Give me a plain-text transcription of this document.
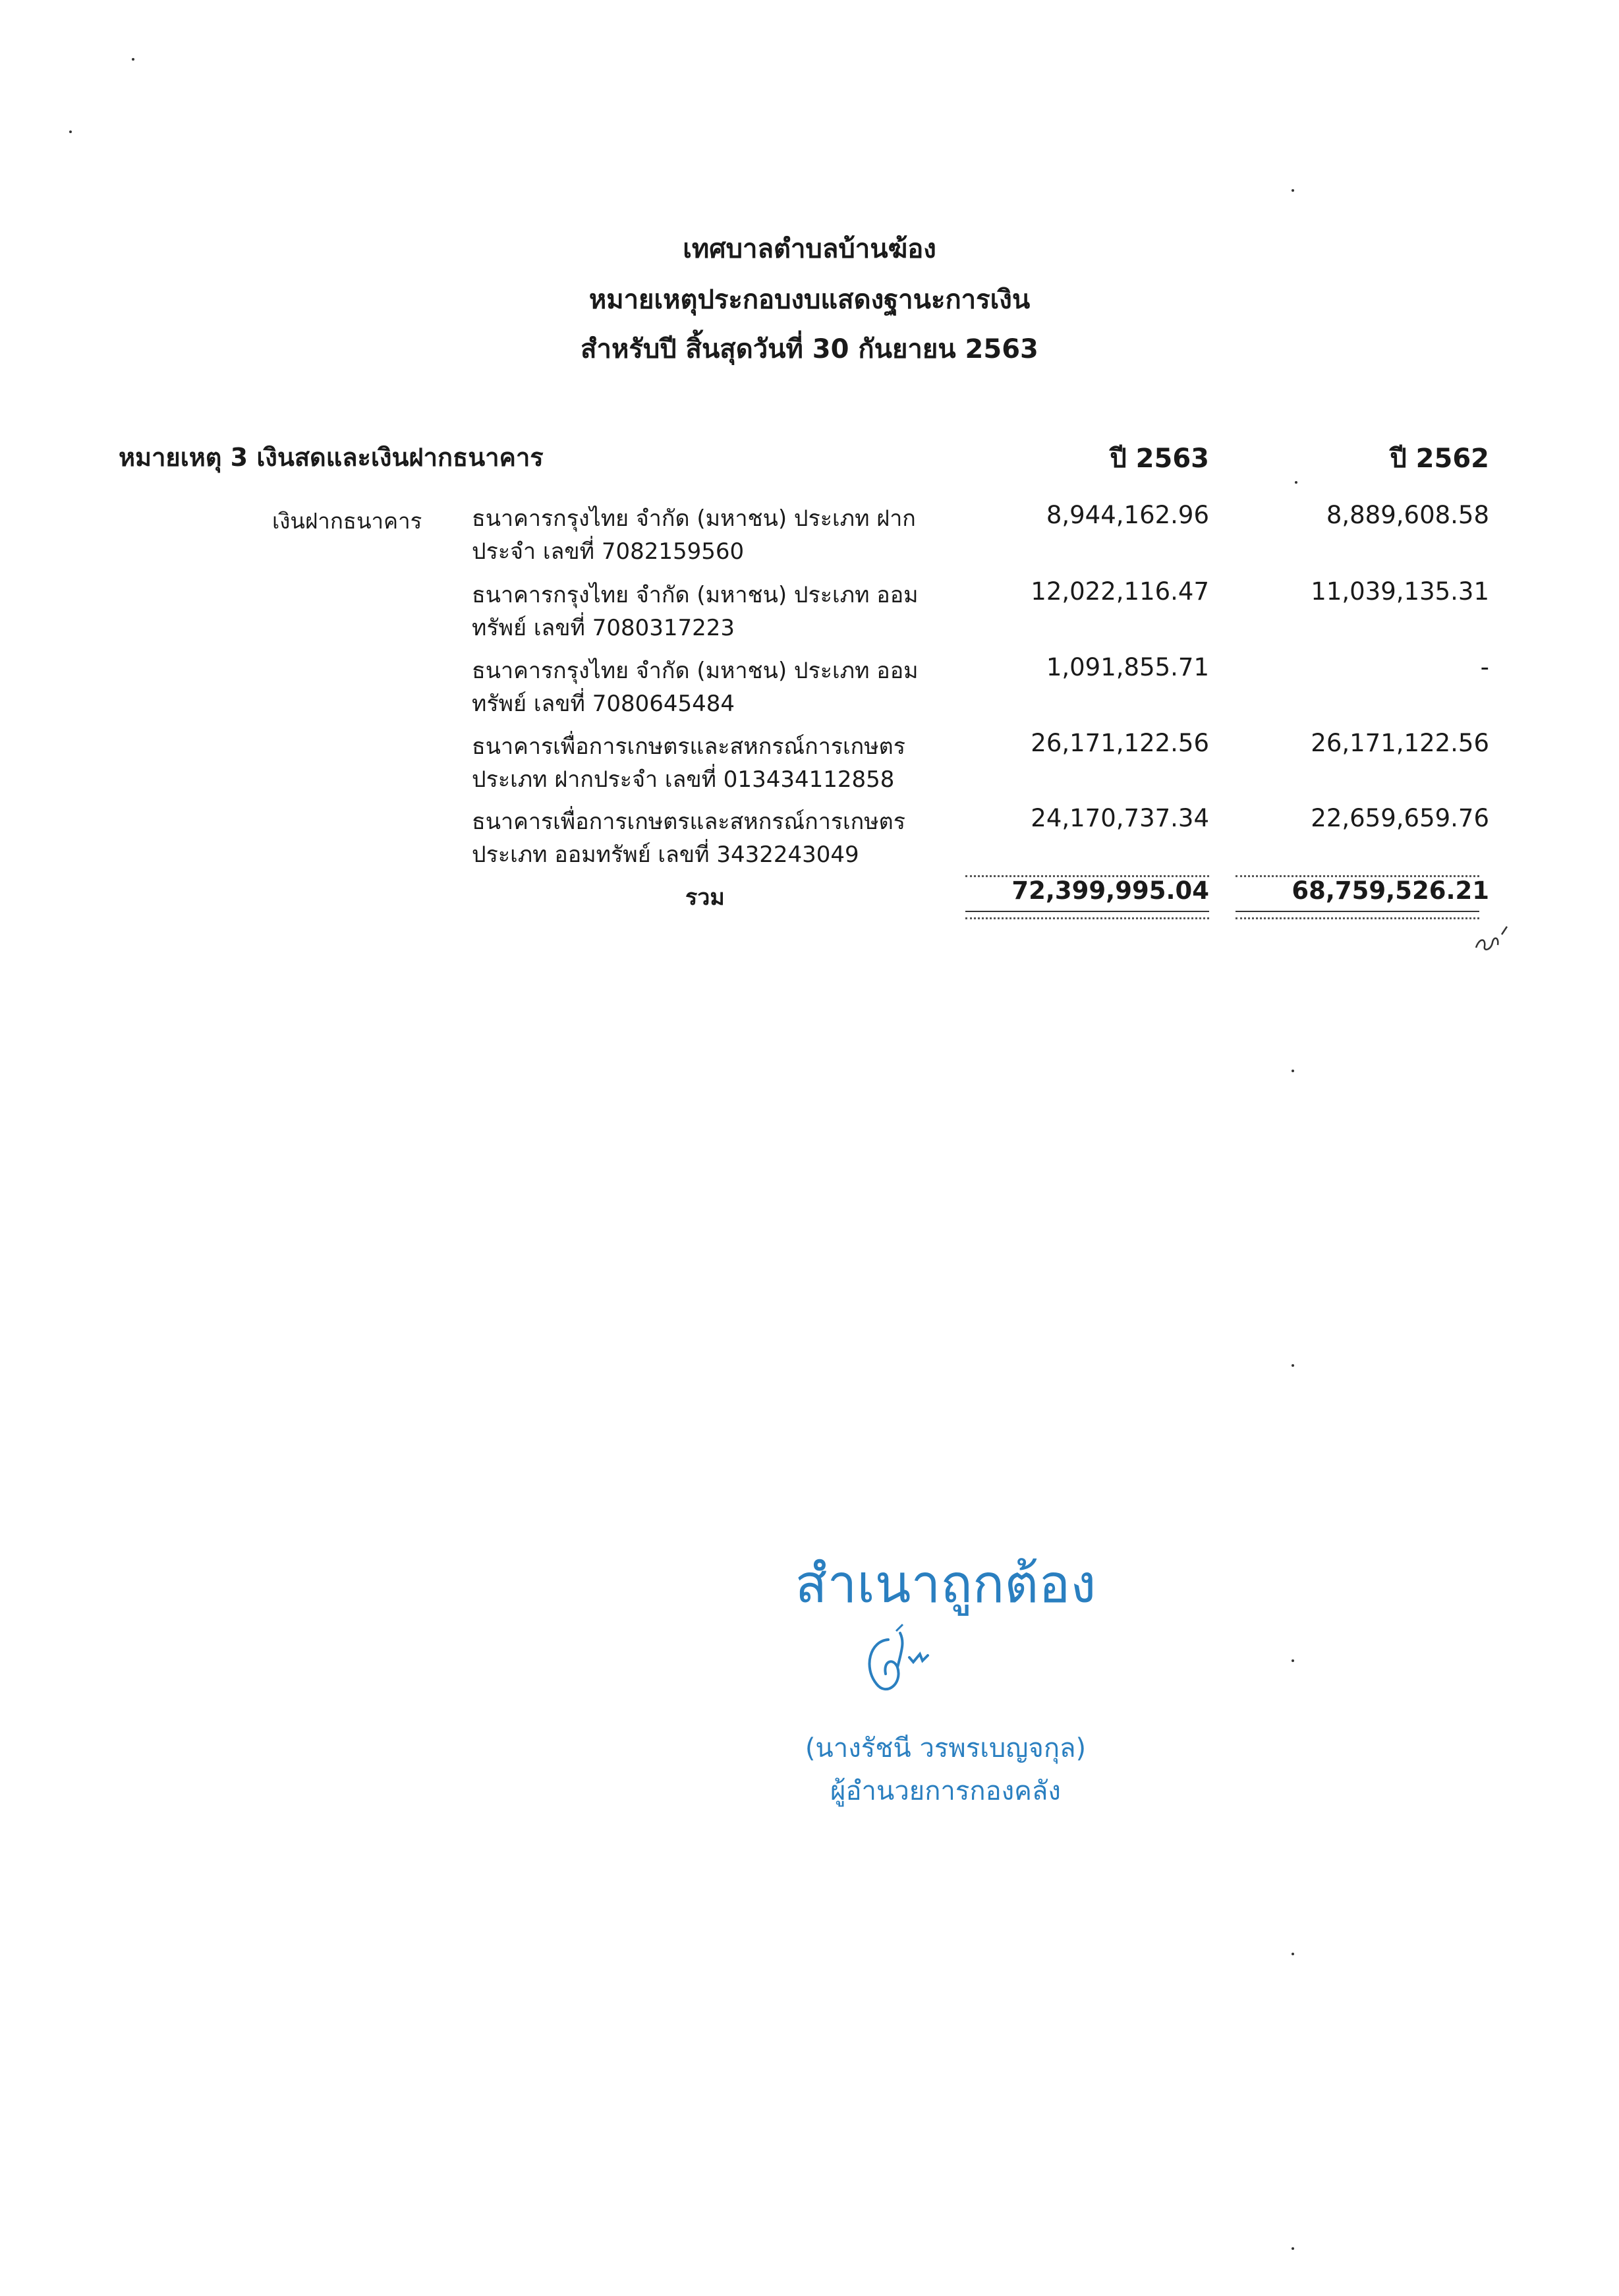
เทศบาลตำบลบ้านฆ้อง
หมายเหตุประกอบงบแสดงฐานะการเงิน
สำหรับปี สิ้นสุดวันที่ 30 กันยายน 2563
หมายเหตุ 3 เงินสดและเงินฝากธนาคาร	ปี 2563	ปี 2562
เงินฝากธนาคาร ธนาคารกรุงไทย จำกัด (มหาชน) ประเภท ฝาก
ประจำ เลขที่ 7082159560
8,944,162.96	8,889,608.58
ธนาคารกรุงไทย จำกัด (มหาชน) ประเภท ออม
ทรัพย์ เลขที่ 7080317223
12,022,116.47	11,039,135.31
ธนาคารกรุงไทย จำกัด (มหาชน) ประเภท ออม
ทรัพย์ เลขที่ 7080645484
1,091,855.71	-
ธนาคารเพื่อการเกษตรและสหกรณ์การเกษตร
ประเภท ฝากประจำ เลขที่ 013434112858
26,171,122.56	26,171,122.56
ธนาคารเพื่อการเกษตรและสหกรณ์การเกษตร
ประเภท ออมทรัพย์ เลขที่ 3432243049
24,170,737.34	22,659,659.76
รวม	72,399,995.04	68,759,526.21
สำเนาถูกต้อง
(นางรัชนี วรพรเบญจกุล)
ผู้อำนวยการกองคลัง
